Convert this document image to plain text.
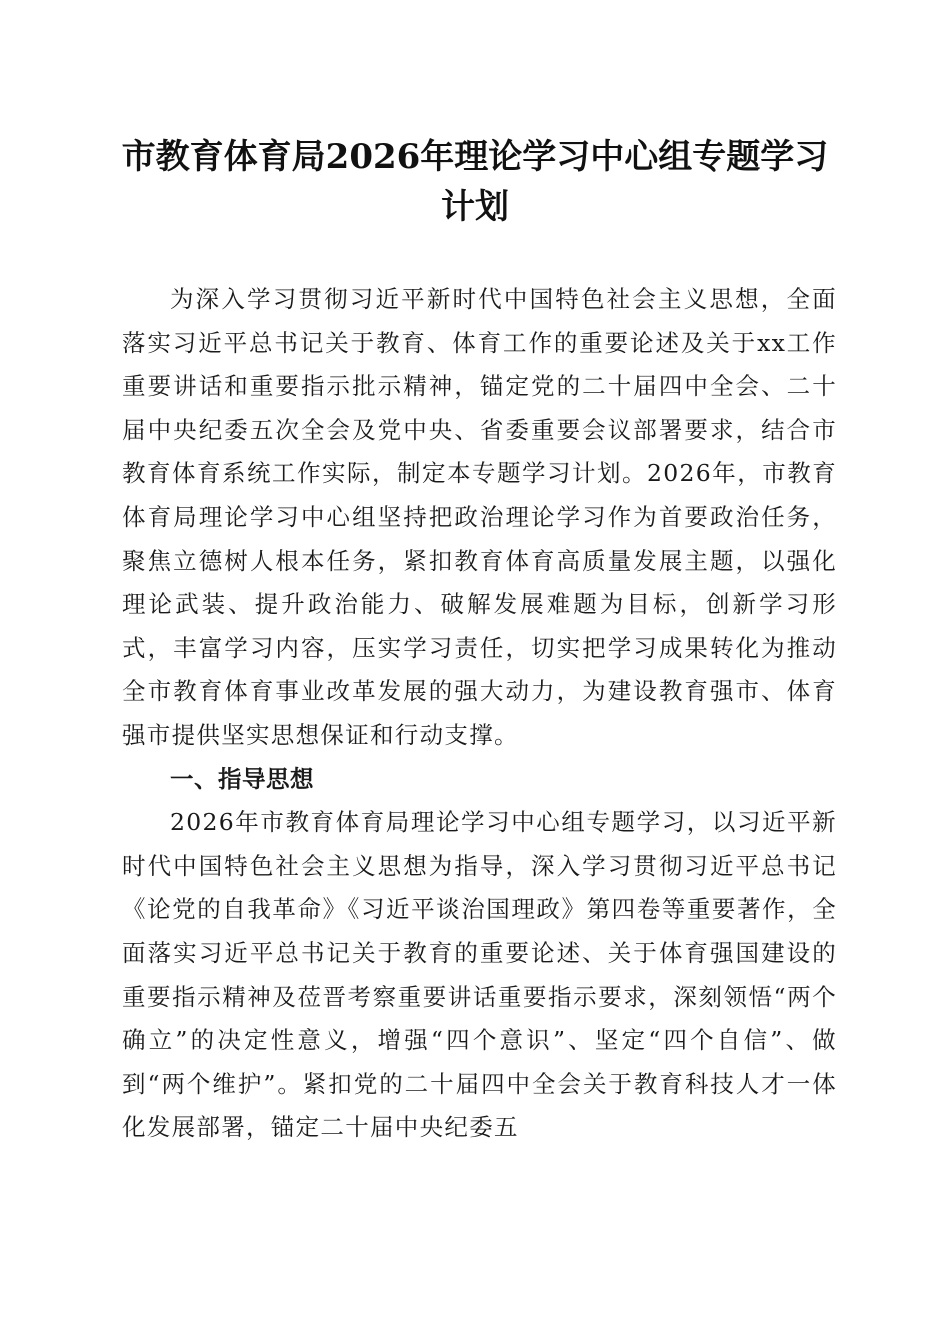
市教育体育局2026年理论学习中心组专题学习计划

为深入学习贯彻习近平新时代中国特色社会主义思想，全面落实习近平总书记关于教育、体育工作的重要论述及关于xx工作重要讲话和重要指示批示精神，锚定党的二十届四中全会、二十届中央纪委五次全会及党中央、省委重要会议部署要求，结合市教育体育系统工作实际，制定本专题学习计划。2026年，市教育体育局理论学习中心组坚持把政治理论学习作为首要政治任务，聚焦立德树人根本任务，紧扣教育体育高质量发展主题，以强化理论武装、提升政治能力、破解发展难题为目标，创新学习形式，丰富学习内容，压实学习责任，切实把学习成果转化为推动全市教育体育事业改革发展的强大动力，为建设教育强市、体育强市提供坚实思想保证和行动支撑。

一、指导思想

2026年市教育体育局理论学习中心组专题学习，以习近平新时代中国特色社会主义思想为指导，深入学习贯彻习近平总书记《论党的自我革命》《习近平谈治国理政》第四卷等重要著作，全面落实习近平总书记关于教育的重要论述、关于体育强国建设的重要指示精神及莅晋考察重要讲话重要指示要求，深刻领悟“两个确立”的决定性意义，增强“四个意识”、坚定“四个自信”、做到“两个维护”。紧扣党的二十届四中全会关于教育科技人才一体化发展部署，锚定二十届中央纪委五
